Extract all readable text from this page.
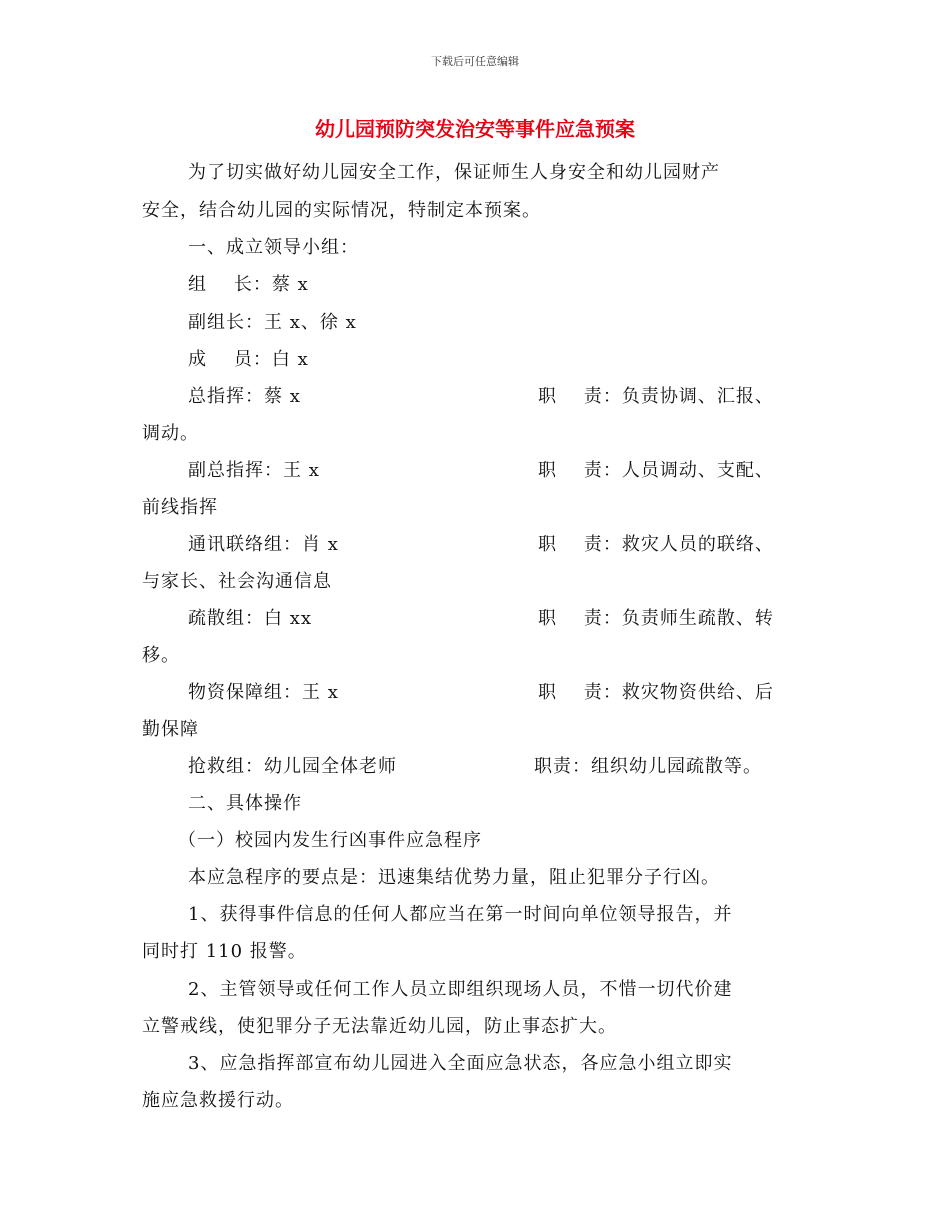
下载后可任意编辑
幼儿园预防突发治安等事件应急预案
为了切实做好幼儿园安全工作，保证师生人身安全和幼儿园财产
安全，结合幼儿园的实际情况，特制定本预案。
一、成立领导小组：
组    长：蔡 x
副组长：王 x、徐 x
成    员：白 x
总指挥：蔡 x	职    责：负责协调、汇报、
调动。
副总指挥：王 x	职    责：人员调动、支配、
前线指挥
通讯联络组：肖 x	职    责：救灾人员的联络、
与家长、社会沟通信息
疏散组：白 xx	职    责：负责师生疏散、转
移。
物资保障组：王 x	职    责：救灾物资供给、后
勤保障
抢救组：幼儿园全体老师	职责：组织幼儿园疏散等。
二、具体操作
（一）校园内发生行凶事件应急程序
本应急程序的要点是：迅速集结优势力量，阻止犯罪分子行凶。
1、获得事件信息的任何人都应当在第一时间向单位领导报告，并
同时打 110 报警。
2、主管领导或任何工作人员立即组织现场人员，不惜一切代价建
立警戒线，使犯罪分子无法靠近幼儿园，防止事态扩大。
3、应急指挥部宣布幼儿园进入全面应急状态，各应急小组立即实
施应急救援行动。
